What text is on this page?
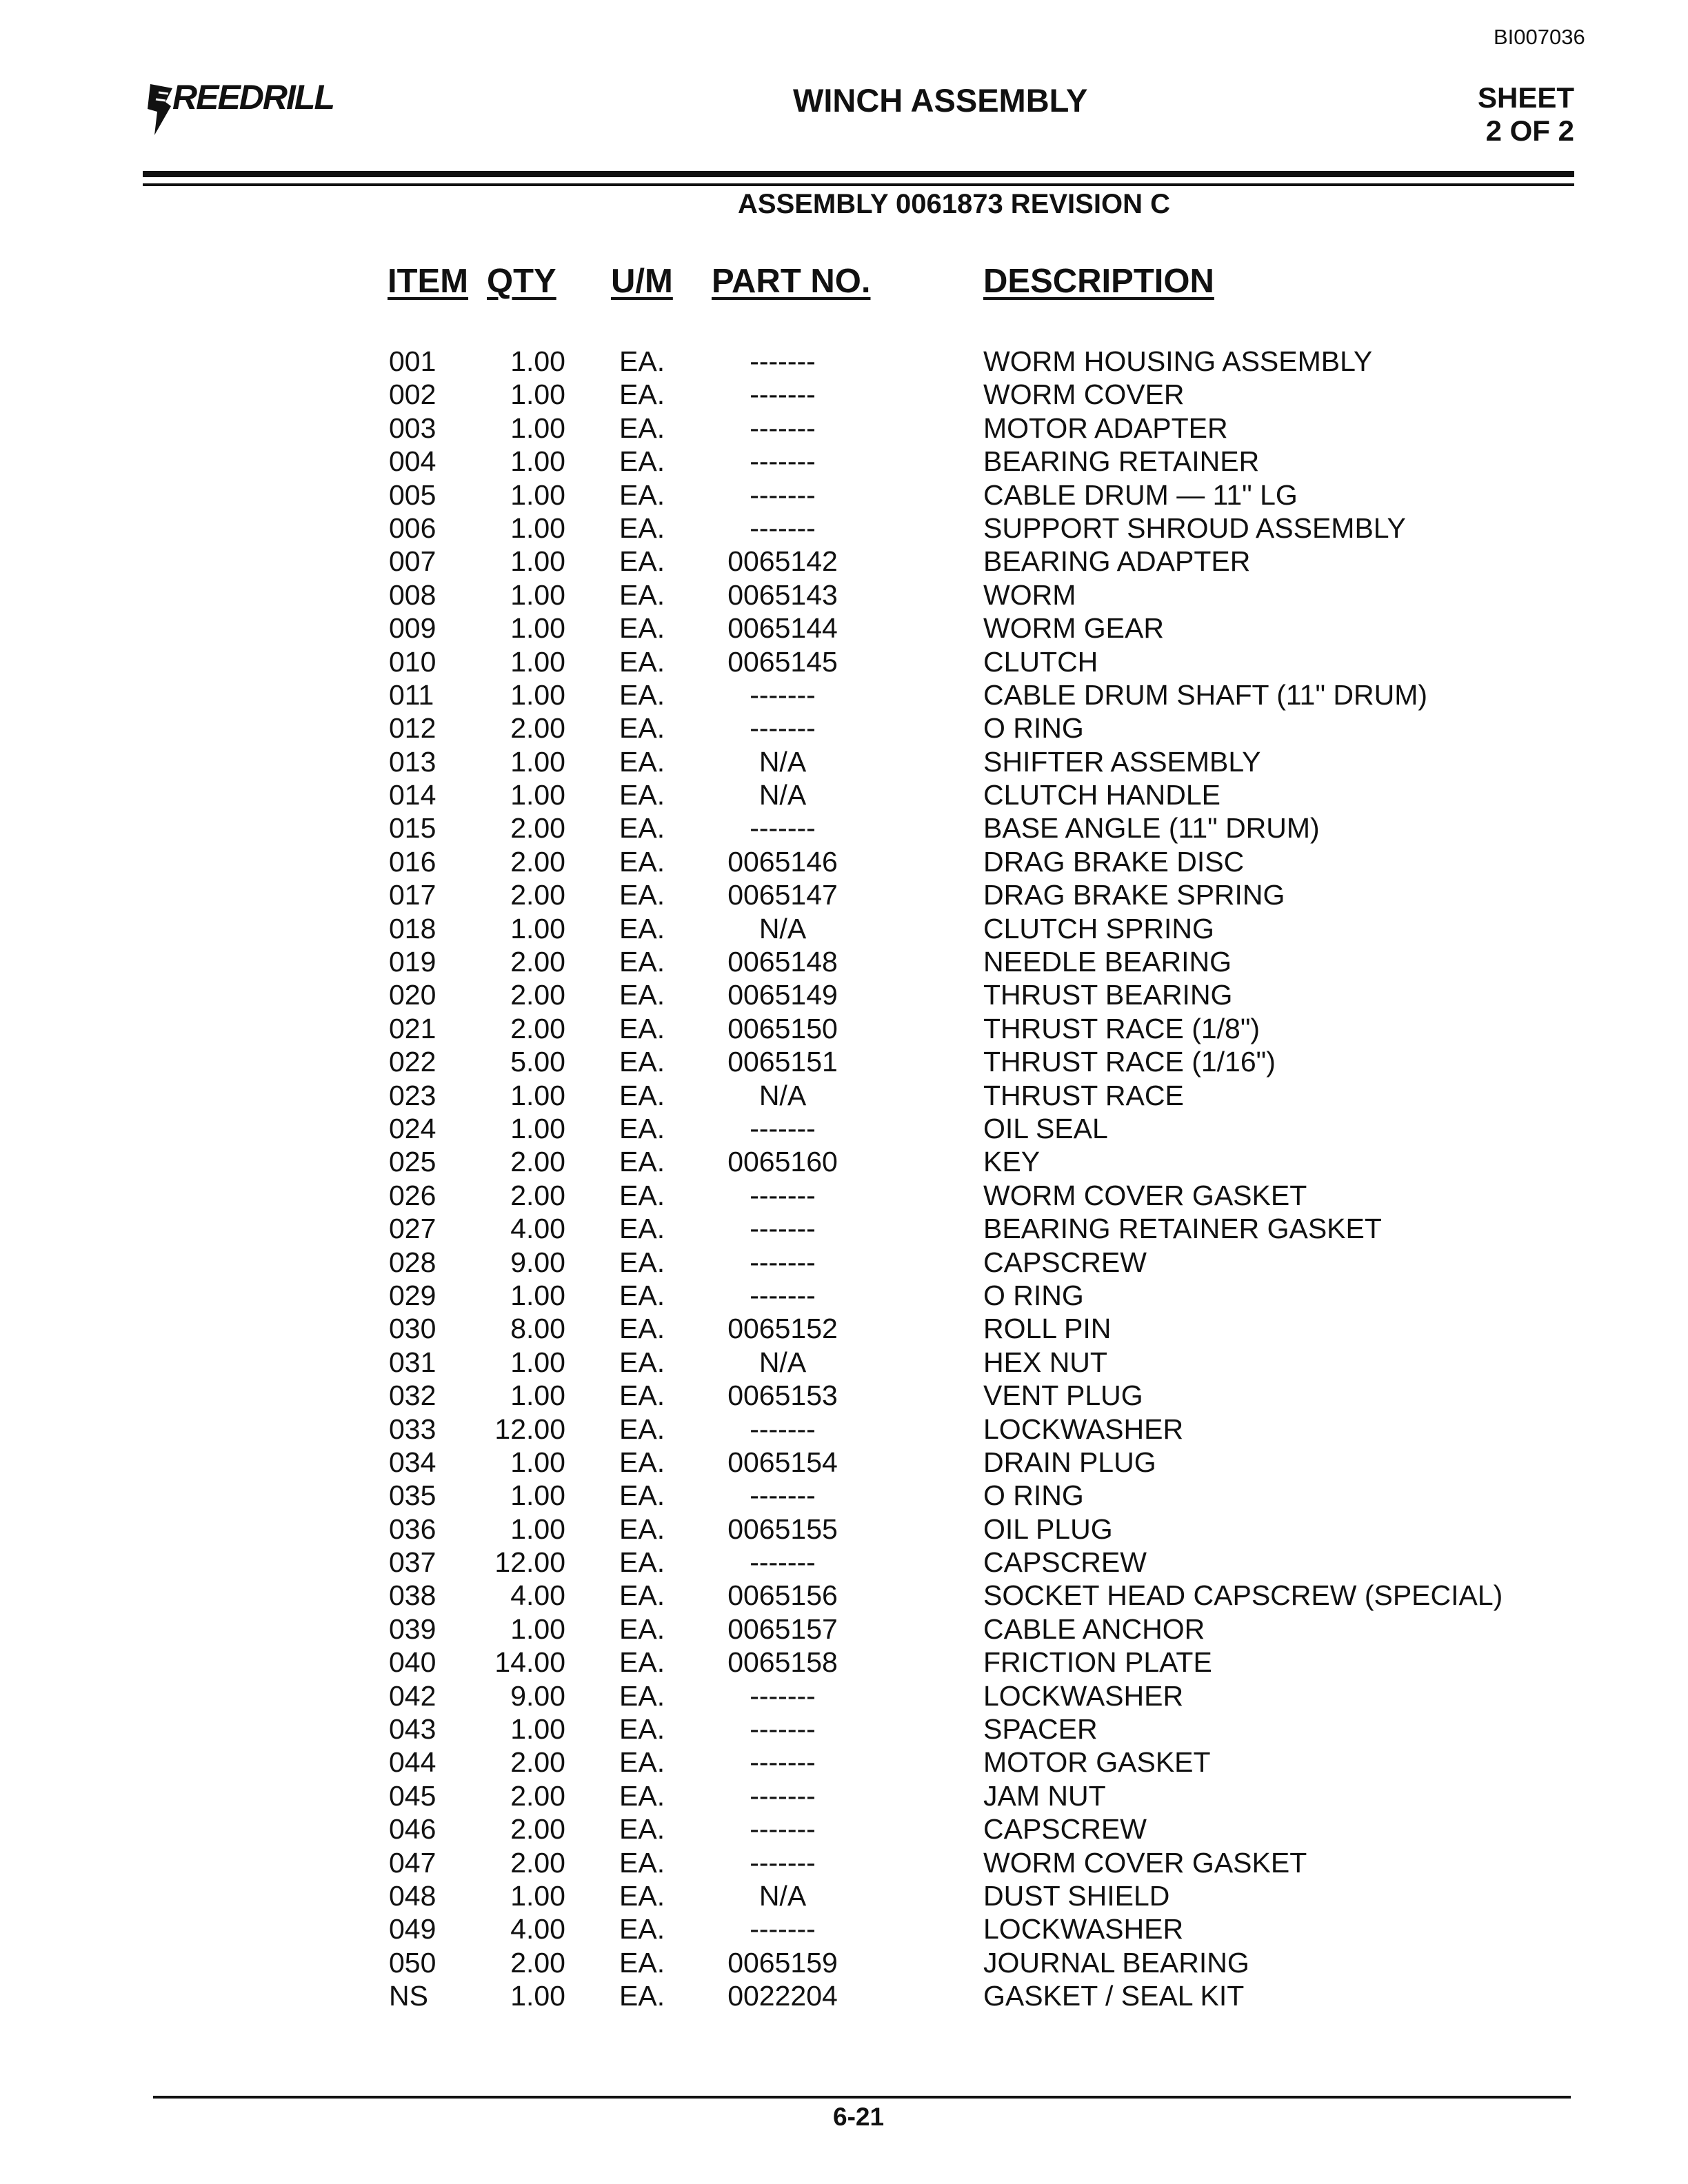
BI007036
REEDRILL	WINCH ASSEMBLY	SHEET
2 OF 2
ASSEMBLY 0061873 REVISION C
ITEM QTY U/M PART NO.	DESCRIPTION
001	1.00 EA.	-------	WORM HOUSING ASSEMBLY
002	1.00 EA.	-------	WORM COVER
003	1.00 EA.	-------	MOTOR ADAPTER
004	1.00 EA.	-------	BEARING RETAINER
005	1.00 EA.	-------	CABLE DRUM — 11" LG
006	1.00 EA.	-------	SUPPORT SHROUD ASSEMBLY
007	1.00 EA.	0065142	BEARING ADAPTER
008	1.00 EA.	0065143	WORM
009	1.00 EA.	0065144	WORM GEAR
010	1.00 EA.	0065145	CLUTCH
011	1.00 EA.	-------	CABLE DRUM SHAFT (11" DRUM)
012	2.00 EA.	-------	O RING
013	1.00 EA.	N/A	SHIFTER ASSEMBLY
014	1.00 EA.	N/A	CLUTCH HANDLE
015	2.00 EA.	-------	BASE ANGLE (11" DRUM)
016	2.00 EA.	0065146	DRAG BRAKE DISC
017	2.00 EA.	0065147	DRAG BRAKE SPRING
018	1.00 EA.	N/A	CLUTCH SPRING
019	2.00 EA.	0065148	NEEDLE BEARING
020	2.00 EA.	0065149	THRUST BEARING
021	2.00 EA.	0065150	THRUST RACE (1/8")
022	5.00 EA.	0065151	THRUST RACE (1/16")
023	1.00 EA.	N/A	THRUST RACE
024	1.00 EA.	-------	OIL SEAL
025	2.00 EA.	0065160	KEY
026	2.00 EA.	-------	WORM COVER GASKET
027	4.00 EA.	-------	BEARING RETAINER GASKET
028	9.00 EA.	-------	CAPSCREW
029	1.00 EA.	-------	O RING
030	8.00 EA.	0065152	ROLL PIN
031	1.00 EA.	N/A	HEX NUT
032	1.00 EA.	0065153	VENT PLUG
033	12.00 EA.	-------	LOCKWASHER
034	1.00 EA.	0065154	DRAIN PLUG
035	1.00 EA.	-------	O RING
036	1.00 EA.	0065155	OIL PLUG
037	12.00 EA.	-------	CAPSCREW
038	4.00 EA.	0065156	SOCKET HEAD CAPSCREW (SPECIAL)
039	1.00 EA.	0065157	CABLE ANCHOR
040	14.00 EA.	0065158	FRICTION PLATE
042	9.00 EA.	-------	LOCKWASHER
043	1.00 EA.	-------	SPACER
044	2.00 EA.	-------	MOTOR GASKET
045	2.00 EA.	-------	JAM NUT
046	2.00 EA.	-------	CAPSCREW
047	2.00 EA.	-------	WORM COVER GASKET
048	1.00 EA.	N/A	DUST SHIELD
049	4.00 EA.	-------	LOCKWASHER
050	2.00 EA.	0065159	JOURNAL BEARING
NS	1.00 EA.	0022204	GASKET / SEAL KIT
6-21
